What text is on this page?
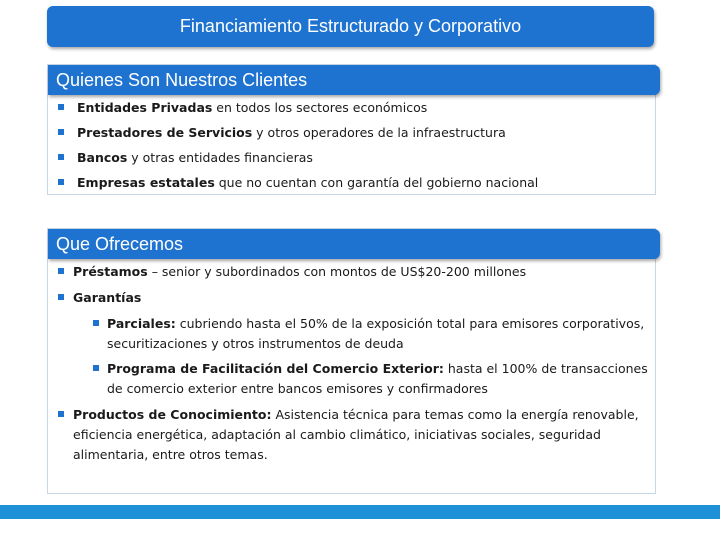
Financiamiento Estructurado y Corporativo
Quienes Son Nuestros Clientes
Entidades Privadas en todos los sectores económicos
Prestadores de Servicios y otros operadores de la infraestructura
Bancos y otras entidades financieras
Empresas estatales que no cuentan con garantía del gobierno nacional
Que Ofrecemos
Préstamos – senior y subordinados con montos de US$20-200 millones
Garantías
Parciales: cubriendo hasta el 50% de la exposición total para emisores corporativos, securitizaciones y otros instrumentos de deuda
Programa de Facilitación del Comercio Exterior: hasta el 100% de transacciones de comercio exterior entre bancos emisores y confirmadores
Productos de Conocimiento: Asistencia técnica para temas como la energía renovable, eficiencia energética, adaptación al cambio climático, iniciativas sociales, seguridad alimentaria, entre otros temas.
